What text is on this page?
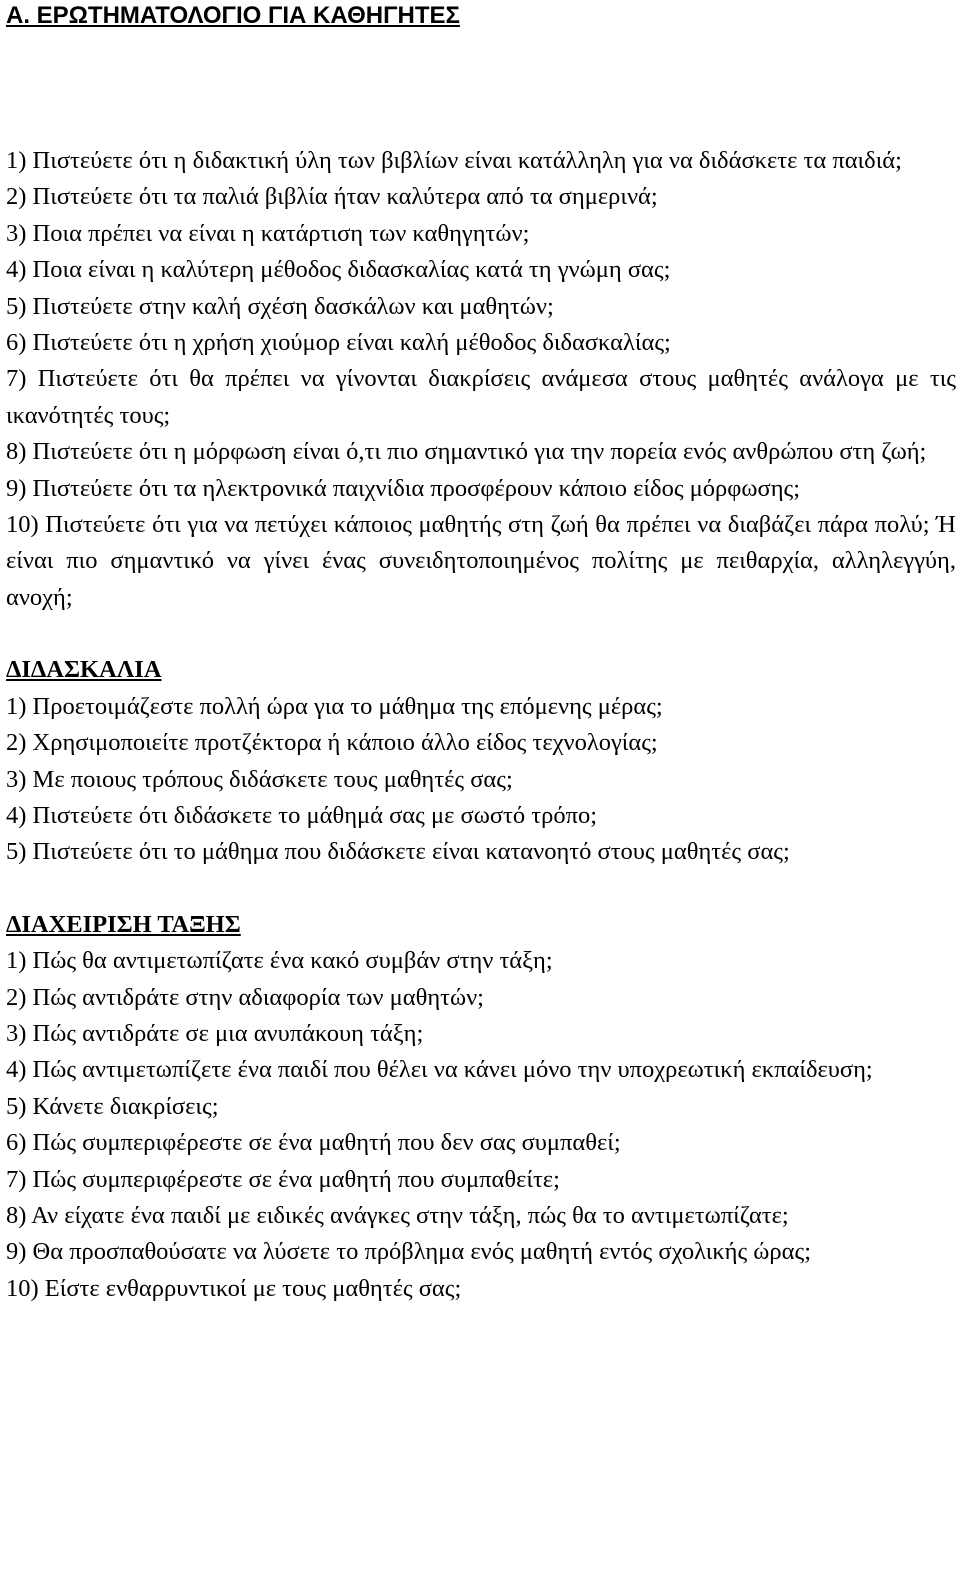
Α. ΕΡΩΤΗΜΑΤΟΛΟΓΙΟ ΓΙΑ ΚΑΘΗΓΗΤΕΣ

1) Πιστεύετε ότι η διδακτική ύλη των βιβλίων είναι κατάλληλη για να διδάσκετε τα παιδιά;

2) Πιστεύετε ότι τα παλιά βιβλία ήταν καλύτερα από τα σημερινά;

3) Ποια πρέπει να είναι η κατάρτιση των καθηγητών;

4) Ποια είναι η καλύτερη μέθοδος διδασκαλίας κατά τη γνώμη σας;

5) Πιστεύετε στην καλή σχέση δασκάλων και μαθητών;

6) Πιστεύετε ότι η χρήση χιούμορ είναι καλή μέθοδος διδασκαλίας;

7) Πιστεύετε ότι θα πρέπει να γίνονται διακρίσεις ανάμεσα στους μαθητές ανάλογα με τις ικανότητές τους;

8) Πιστεύετε ότι η μόρφωση είναι ό,τι πιο σημαντικό για την πορεία ενός ανθρώπου στη ζωή;

9) Πιστεύετε ότι τα ηλεκτρονικά παιχνίδια προσφέρουν κάποιο είδος μόρφωσης;

10) Πιστεύετε ότι για να πετύχει κάποιος μαθητής στη ζωή θα πρέπει να διαβάζει πάρα πολύ; Ή είναι πιο σημαντικό να γίνει ένας συνειδητοποιημένος πολίτης με πειθαρχία, αλληλεγγύη, ανοχή;

ΔΙΔΑΣΚΑΛΙΑ

1) Προετοιμάζεστε πολλή ώρα για το μάθημα της επόμενης μέρας;

2) Χρησιμοποιείτε προτζέκτορα ή κάποιο άλλο είδος τεχνολογίας;

3) Με ποιους τρόπους διδάσκετε τους μαθητές σας;

4) Πιστεύετε ότι διδάσκετε το μάθημά σας με σωστό τρόπο;

5) Πιστεύετε ότι το μάθημα που διδάσκετε είναι κατανοητό στους μαθητές σας;

ΔΙΑΧΕΙΡΙΣΗ ΤΑΞΗΣ

1) Πώς θα αντιμετωπίζατε ένα κακό συμβάν στην τάξη;

2) Πώς αντιδράτε στην αδιαφορία των μαθητών;

3) Πώς αντιδράτε σε μια ανυπάκουη τάξη;

4) Πώς αντιμετωπίζετε ένα παιδί που θέλει να κάνει μόνο την υποχρεωτική εκπαίδευση;

5) Κάνετε διακρίσεις;

6) Πώς συμπεριφέρεστε σε ένα μαθητή που δεν σας συμπαθεί;

7) Πώς συμπεριφέρεστε σε ένα μαθητή που συμπαθείτε;

8) Αν είχατε ένα παιδί με ειδικές ανάγκες στην τάξη, πώς θα το αντιμετωπίζατε;

9) Θα προσπαθούσατε να λύσετε το πρόβλημα ενός μαθητή εντός σχολικής ώρας;

10) Είστε ενθαρρυντικοί με τους μαθητές σας;
